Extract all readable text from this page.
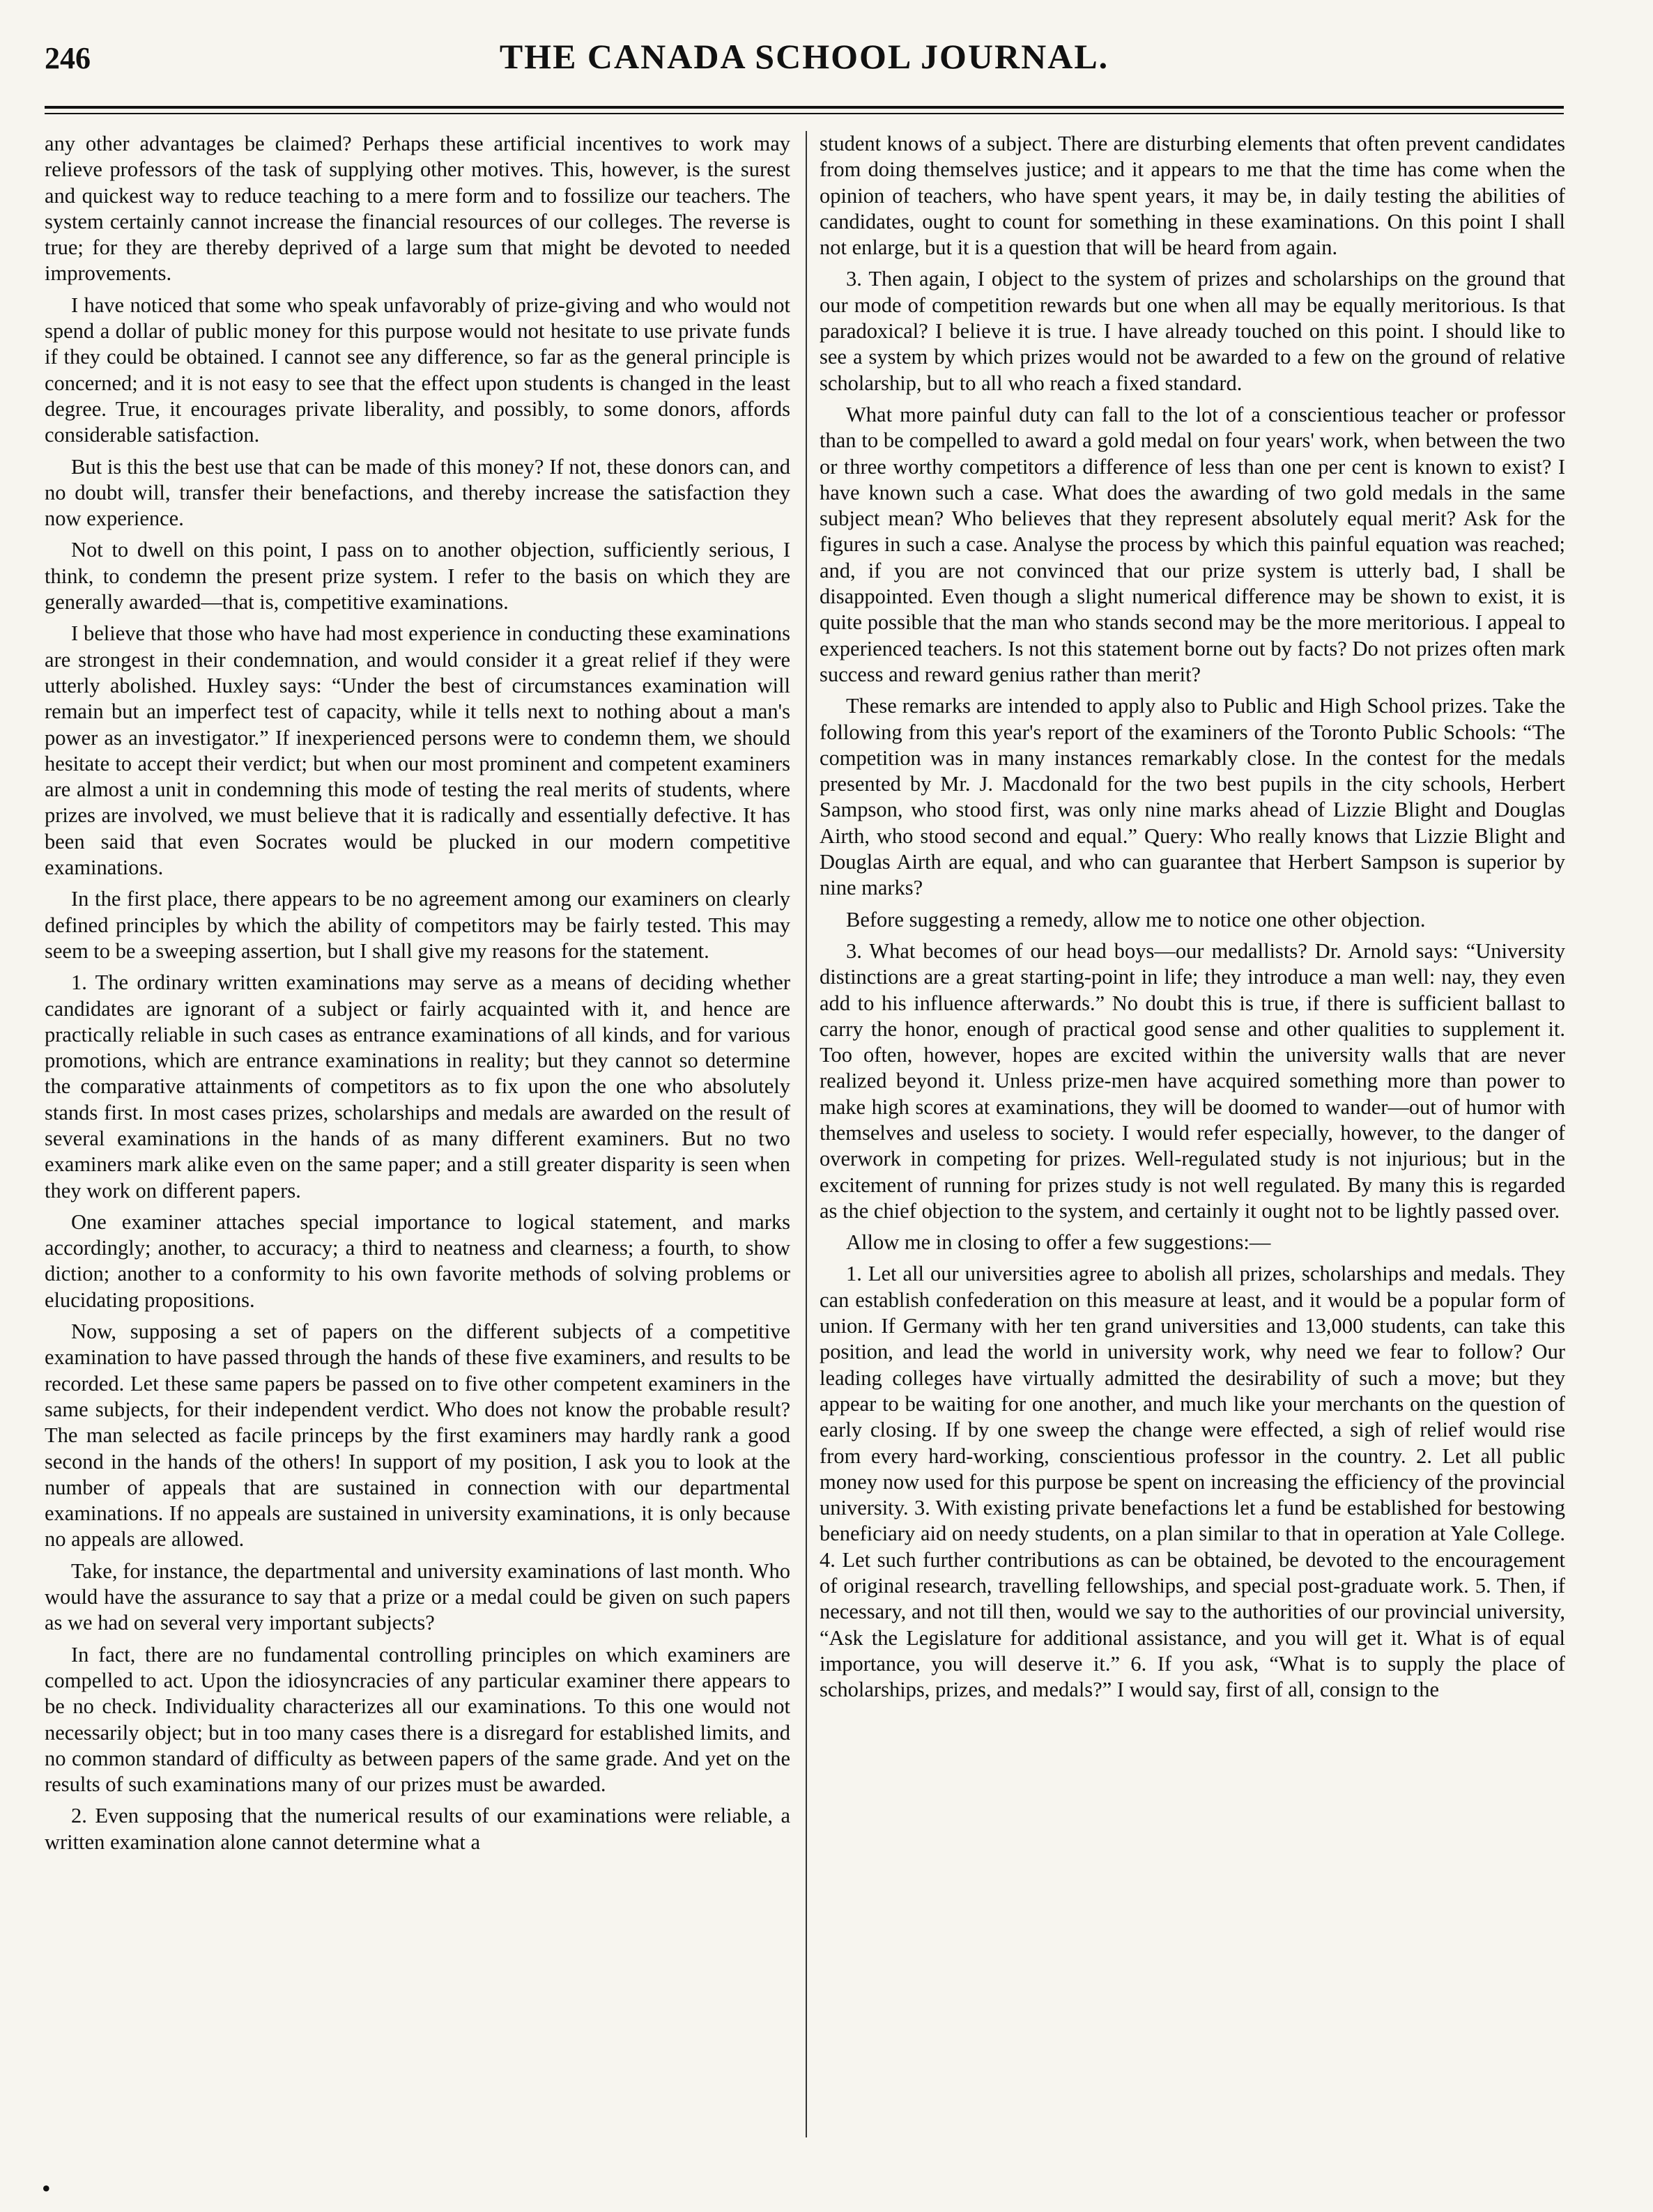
246	THE CANADA SCHOOL JOURNAL.

any other advantages be claimed? Perhaps these artificial incentives to work may relieve professors of the task of supplying other motives. This, however, is the surest and quickest way to reduce teaching to a mere form and to fossilize our teachers. The system certainly cannot increase the financial resources of our colleges. The reverse is true; for they are thereby deprived of a large sum that might be devoted to needed improvements.

I have noticed that some who speak unfavorably of prize-giving and who would not spend a dollar of public money for this purpose would not hesitate to use private funds if they could be obtained. I cannot see any difference, so far as the general principle is concerned; and it is not easy to see that the effect upon students is changed in the least degree. True, it encourages private liberality, and possibly, to some donors, affords considerable satisfaction.

But is this the best use that can be made of this money? If not, these donors can, and no doubt will, transfer their benefactions, and thereby increase the satisfaction they now experience.

Not to dwell on this point, I pass on to another objection, sufficiently serious, I think, to condemn the present prize system. I refer to the basis on which they are generally awarded—that is, competitive examinations.

I believe that those who have had most experience in conducting these examinations are strongest in their condemnation, and would consider it a great relief if they were utterly abolished. Huxley says: “Under the best of circumstances examination will remain but an imperfect test of capacity, while it tells next to nothing about a man's power as an investigator.” If inexperienced persons were to condemn them, we should hesitate to accept their verdict; but when our most prominent and competent examiners are almost a unit in condemning this mode of testing the real merits of students, where prizes are involved, we must believe that it is radically and essentially defective. It has been said that even Socrates would be plucked in our modern competitive examinations.

In the first place, there appears to be no agreement among our examiners on clearly defined principles by which the ability of competitors may be fairly tested. This may seem to be a sweeping assertion, but I shall give my reasons for the statement.

1. The ordinary written examinations may serve as a means of deciding whether candidates are ignorant of a subject or fairly acquainted with it, and hence are practically reliable in such cases as entrance examinations of all kinds, and for various promotions, which are entrance examinations in reality; but they cannot so determine the comparative attainments of competitors as to fix upon the one who absolutely stands first. In most cases prizes, scholarships and medals are awarded on the result of several examinations in the hands of as many different examiners. But no two examiners mark alike even on the same paper; and a still greater disparity is seen when they work on different papers.

One examiner attaches special importance to logical statement, and marks accordingly; another, to accuracy; a third to neatness and clearness; a fourth, to show diction; another to a conformity to his own favorite methods of solving problems or elucidating propositions.

Now, supposing a set of papers on the different subjects of a competitive examination to have passed through the hands of these five examiners, and results to be recorded. Let these same papers be passed on to five other competent examiners in the same subjects, for their independent verdict. Who does not know the probable result? The man selected as facile princeps by the first examiners may hardly rank a good second in the hands of the others! In support of my position, I ask you to look at the number of appeals that are sustained in connection with our departmental examinations. If no appeals are sustained in university examinations, it is only because no appeals are allowed.

Take, for instance, the departmental and university examinations of last month. Who would have the assurance to say that a prize or a medal could be given on such papers as we had on several very important subjects?

In fact, there are no fundamental controlling principles on which examiners are compelled to act. Upon the idiosyncracies of any particular examiner there appears to be no check. Individuality characterizes all our examinations. To this one would not necessarily object; but in too many cases there is a disregard for established limits, and no common standard of difficulty as between papers of the same grade. And yet on the results of such examinations many of our prizes must be awarded.

2. Even supposing that the numerical results of our examinations were reliable, a written examination alone cannot determine what a

student knows of a subject. There are disturbing elements that often prevent candidates from doing themselves justice; and it appears to me that the time has come when the opinion of teachers, who have spent years, it may be, in daily testing the abilities of candidates, ought to count for something in these examinations. On this point I shall not enlarge, but it is a question that will be heard from again.

3. Then again, I object to the system of prizes and scholarships on the ground that our mode of competition rewards but one when all may be equally meritorious. Is that paradoxical? I believe it is true. I have already touched on this point. I should like to see a system by which prizes would not be awarded to a few on the ground of relative scholarship, but to all who reach a fixed standard.

What more painful duty can fall to the lot of a conscientious teacher or professor than to be compelled to award a gold medal on four years' work, when between the two or three worthy competitors a difference of less than one per cent is known to exist? I have known such a case. What does the awarding of two gold medals in the same subject mean? Who believes that they represent absolutely equal merit? Ask for the figures in such a case. Analyse the process by which this painful equation was reached; and, if you are not convinced that our prize system is utterly bad, I shall be disappointed. Even though a slight numerical difference may be shown to exist, it is quite possible that the man who stands second may be the more meritorious. I appeal to experienced teachers. Is not this statement borne out by facts? Do not prizes often mark success and reward genius rather than merit?

These remarks are intended to apply also to Public and High School prizes. Take the following from this year's report of the examiners of the Toronto Public Schools: “The competition was in many instances remarkably close. In the contest for the medals presented by Mr. J. Macdonald for the two best pupils in the city schools, Herbert Sampson, who stood first, was only nine marks ahead of Lizzie Blight and Douglas Airth, who stood second and equal.” Query: Who really knows that Lizzie Blight and Douglas Airth are equal, and who can guarantee that Herbert Sampson is superior by nine marks?

Before suggesting a remedy, allow me to notice one other objection.

3. What becomes of our head boys—our medallists? Dr. Arnold says: “University distinctions are a great starting-point in life; they introduce a man well: nay, they even add to his influence afterwards.” No doubt this is true, if there is sufficient ballast to carry the honor, enough of practical good sense and other qualities to supplement it. Too often, however, hopes are excited within the university walls that are never realized beyond it. Unless prize-men have acquired something more than power to make high scores at examinations, they will be doomed to wander—out of humor with themselves and useless to society. I would refer especially, however, to the danger of overwork in competing for prizes. Well-regulated study is not injurious; but in the excitement of running for prizes study is not well regulated. By many this is regarded as the chief objection to the system, and certainly it ought not to be lightly passed over.

Allow me in closing to offer a few suggestions:—

1. Let all our universities agree to abolish all prizes, scholarships and medals. They can establish confederation on this measure at least, and it would be a popular form of union. If Germany with her ten grand universities and 13,000 students, can take this position, and lead the world in university work, why need we fear to follow? Our leading colleges have virtually admitted the desirability of such a move; but they appear to be waiting for one another, and much like your merchants on the question of early closing. If by one sweep the change were effected, a sigh of relief would rise from every hard-working, conscientious professor in the country. 2. Let all public money now used for this purpose be spent on increasing the efficiency of the provincial university. 3. With existing private benefactions let a fund be established for bestowing beneficiary aid on needy students, on a plan similar to that in operation at Yale College. 4. Let such further contributions as can be obtained, be devoted to the encouragement of original research, travelling fellowships, and special post-graduate work. 5. Then, if necessary, and not till then, would we say to the authorities of our provincial university, “Ask the Legislature for additional assistance, and you will get it. What is of equal importance, you will deserve it.” 6. If you ask, “What is to supply the place of scholarships, prizes, and medals?” I would say, first of all, consign to the

•
